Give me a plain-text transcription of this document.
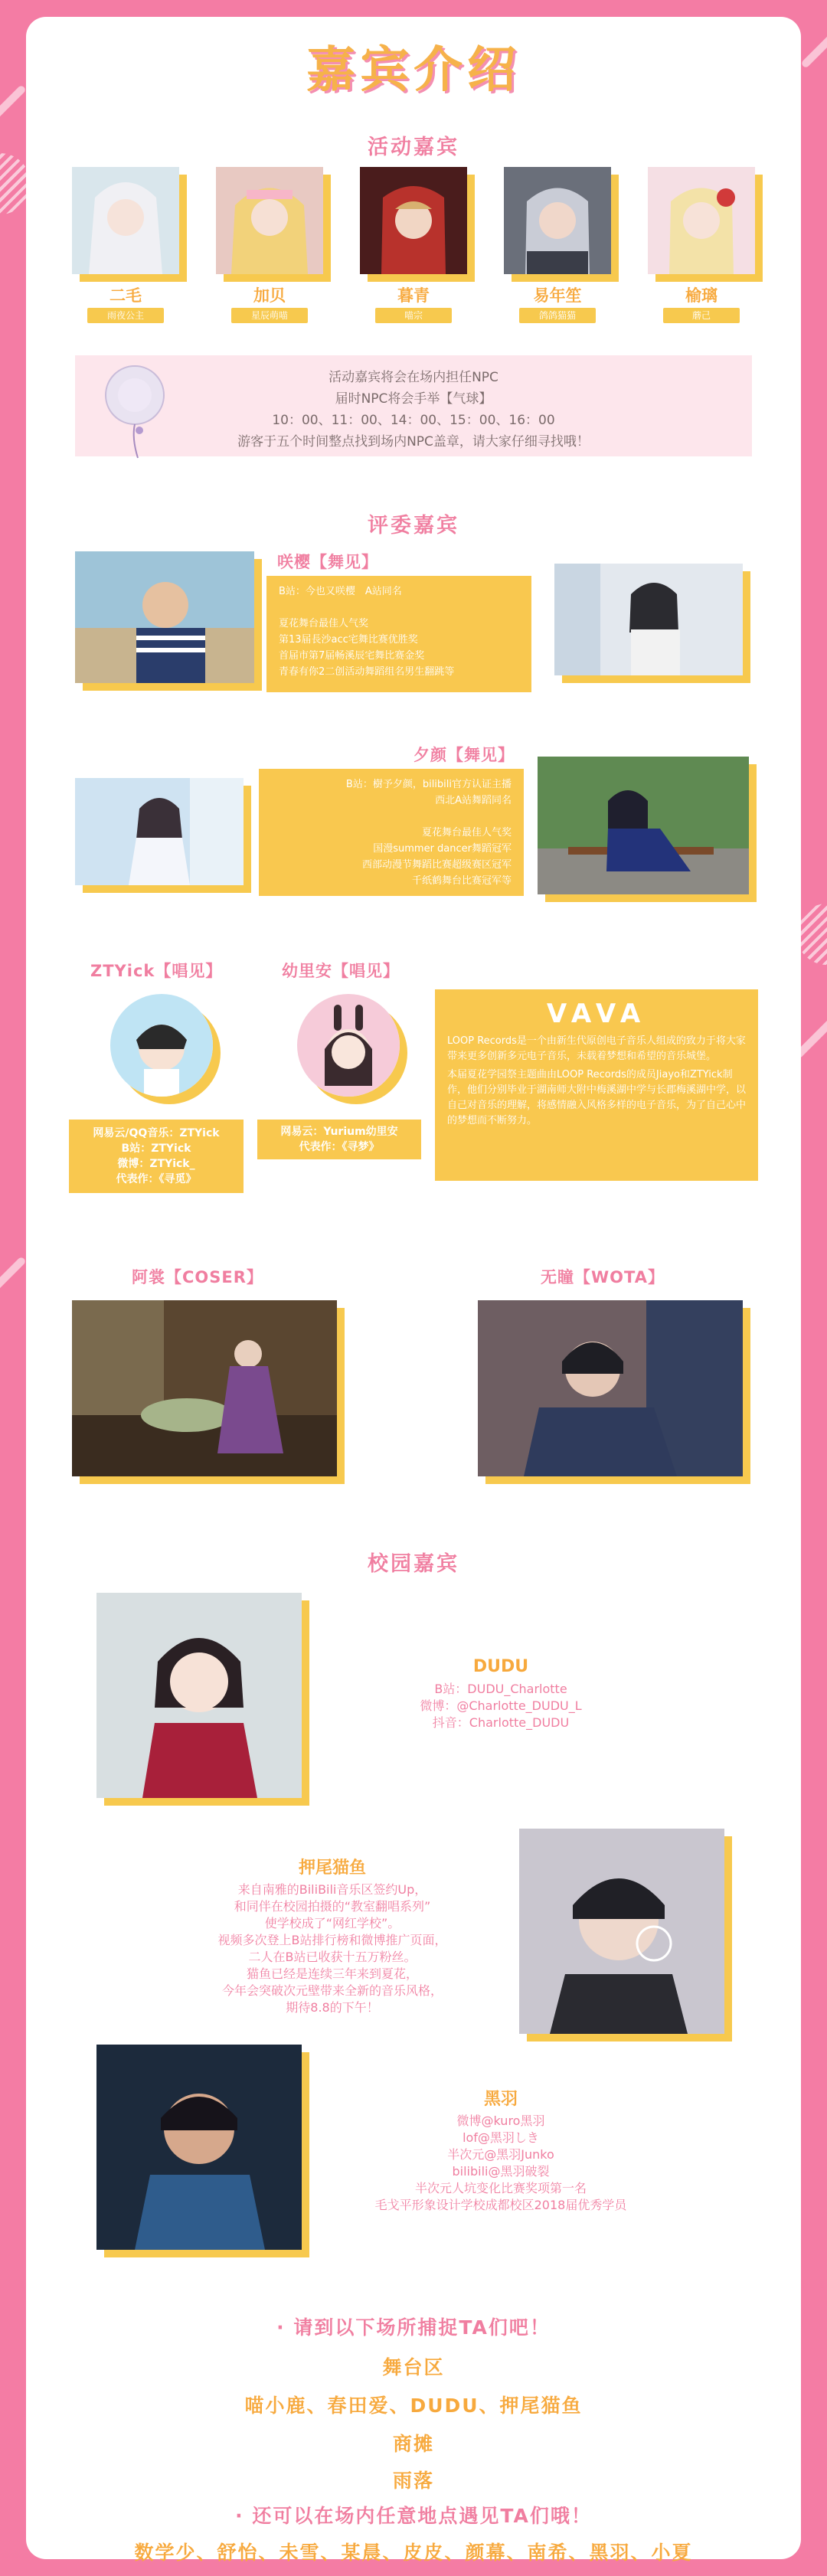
嘉宾介绍
活动嘉宾
二毛
雨夜公主
加贝
星辰萌喵
暮青
喵宗
易年笙
鸽鸽猫猫
榆璃
蘑己
活动嘉宾将会在场内担任NPC
届时NPC将会手举【气球】
10：00、11：00、14：00、15：00、16：00
游客于五个时间整点找到场内NPC盖章，请大家仔细寻找哦！
评委嘉宾
咲樱【舞见】
B站：今也又咲樱　A站同名
夏花舞台最佳人气奖
第13届長沙acc宅舞比赛优胜奖
首届市第7届畅溪辰宅舞比赛金奖
青春有你2二创活动舞蹈组名男生翻跳等
夕颜【舞见】
B站：樹予夕颜，bilibili官方认证主播
西北A站舞蹈同名
夏花舞台最佳人气奖
国漫summer dancer舞蹈冠军
西部动漫节舞蹈比赛超级赛区冠军
千纸鹤舞台比赛冠军等
ZTYick【唱见】	幼里安【唱见】
网易云/QQ音乐：ZTYick
B站：ZTYick
微博：ZTYick_
代表作：《寻觅》
网易云：Yurium幼里安
代表作：《寻梦》
VAVA
LOOP Records是一个由新生代原创电子音乐人组成的致力于将大家带来更多创新多元电子音乐，未载着梦想和希望的音乐城堡。
本届夏花学园祭主题曲由LOOP Records的成员Jiayo和ZTYick制作，他们分别毕业于湖南师大附中梅溪湖中学与长郡梅溪湖中学，以自己对音乐的理解，将感情融入风格多样的电子音乐，为了自己心中的梦想而不断努力。
阿裳【COSER】	无瞳【WOTA】
校园嘉宾
DUDU
B站：DUDU_Charlotte
微博：@Charlotte_DUDU_L
抖音：Charlotte_DUDU
押尾猫鱼
来自南雅的BiliBili音乐区签约Up，
和同伴在校园拍摄的“教室翻唱系列”
使学校成了“网红学校”。
视频多次登上B站排行榜和微博推广页面，
二人在B站已收获十五万粉丝。
猫鱼已经是连续三年来到夏花，
今年会突破次元壁带来全新的音乐风格，
期待8.8的下午！
黑羽
微博@kuro黑羽
lof@黑羽しき
半次元@黑羽Junko
bilibili@黑羽破裂
半次元人坑变化比赛奖项第一名
毛戈平形象设计学校成都校区2018届优秀学员
· 请到以下场所捕捉TA们吧！
舞台区
喵小鹿、春田爱、DUDU、押尾猫鱼
商摊
雨落
· 还可以在场内任意地点遇见TA们哦！
数学少、舒怡、未雪、某晨、皮皮、颜幕、南希、黑羽、小夏
